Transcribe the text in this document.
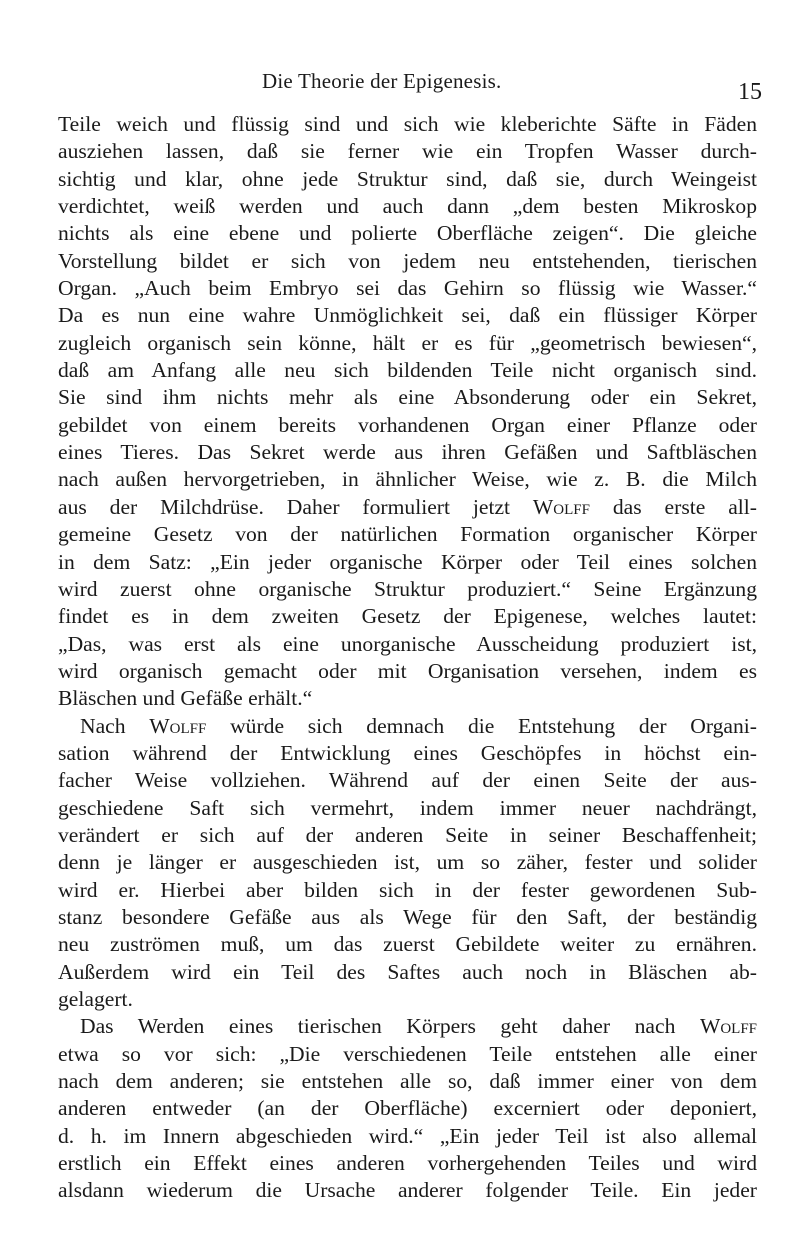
Die Theorie der Epigenesis.	15
Teile weich und flüssig sind und sich wie kleberichte Säfte in Fäden
ausziehen lassen, daß sie ferner wie ein Tropfen Wasser durch-
sichtig und klar, ohne jede Struktur sind, daß sie, durch Weingeist
verdichtet, weiß werden und auch dann „dem besten Mikroskop
nichts als eine ebene und polierte Oberfläche zeigen“. Die gleiche
Vorstellung bildet er sich von jedem neu entstehenden, tierischen
Organ. „Auch beim Embryo sei das Gehirn so flüssig wie Wasser.“
Da es nun eine wahre Unmöglichkeit sei, daß ein flüssiger Körper
zugleich organisch sein könne, hält er es für „geometrisch bewiesen“,
daß am Anfang alle neu sich bildenden Teile nicht organisch sind.
Sie sind ihm nichts mehr als eine Absonderung oder ein Sekret,
gebildet von einem bereits vorhandenen Organ einer Pflanze oder
eines Tieres. Das Sekret werde aus ihren Gefäßen und Saftbläschen
nach außen hervorgetrieben, in ähnlicher Weise, wie z. B. die Milch
aus der Milchdrüse. Daher formuliert jetzt Wolff das erste all-
gemeine Gesetz von der natürlichen Formation organischer Körper
in dem Satz: „Ein jeder organische Körper oder Teil eines solchen
wird zuerst ohne organische Struktur produziert.“ Seine Ergänzung
findet es in dem zweiten Gesetz der Epigenese, welches lautet:
„Das, was erst als eine unorganische Ausscheidung produziert ist,
wird organisch gemacht oder mit Organisation versehen, indem es
Bläschen und Gefäße erhält.“
Nach Wolff würde sich demnach die Entstehung der Organi-
sation während der Entwicklung eines Geschöpfes in höchst ein-
facher Weise vollziehen. Während auf der einen Seite der aus-
geschiedene Saft sich vermehrt, indem immer neuer nachdrängt,
verändert er sich auf der anderen Seite in seiner Beschaffenheit;
denn je länger er ausgeschieden ist, um so zäher, fester und solider
wird er. Hierbei aber bilden sich in der fester gewordenen Sub-
stanz besondere Gefäße aus als Wege für den Saft, der beständig
neu zuströmen muß, um das zuerst Gebildete weiter zu ernähren.
Außerdem wird ein Teil des Saftes auch noch in Bläschen ab-
gelagert.
Das Werden eines tierischen Körpers geht daher nach Wolff
etwa so vor sich: „Die verschiedenen Teile entstehen alle einer
nach dem anderen; sie entstehen alle so, daß immer einer von dem
anderen entweder (an der Oberfläche) excerniert oder deponiert,
d. h. im Innern abgeschieden wird.“ „Ein jeder Teil ist also allemal
erstlich ein Effekt eines anderen vorhergehenden Teiles und wird
alsdann wiederum die Ursache anderer folgender Teile. Ein jeder
